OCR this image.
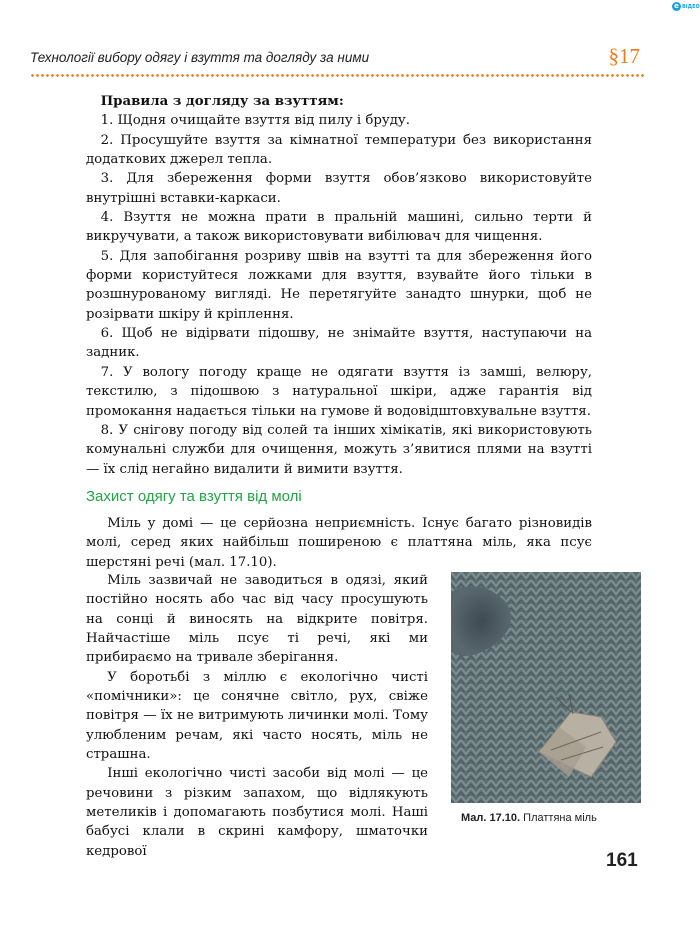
e ВІДЕО
Технології вибору одягу і взуття та догляду за ними	§17

Правила з догляду за взуттям:

1. Щодня очищайте взуття від пилу і бруду.

2. Просушуйте взуття за кімнатної температури без використання додаткових джерел тепла.

3. Для збереження форми взуття обов’язково використовуйте внутрішні вставки-каркаси.

4. Взуття не можна прати в пральній машині, сильно терти й викручувати, а також використовувати вибілювач для чищення.

5. Для запобігання розриву швів на взутті та для збереження його форми користуйтеся ложками для взуття, взувайте його тільки в розшнурованому вигляді. Не перетягуйте занадто шнурки, щоб не розірвати шкіру й кріплення.

6. Щоб не відірвати підошву, не знімайте взуття, наступаючи на задник.

7. У вологу погоду краще не одягати взуття із замші, велюру, текстилю, з підошвою з натуральної шкіри, адже гарантія від промокання надається тільки на гумове й водовідштовхувальне взуття.

8. У снігову погоду від солей та інших хімікатів, які використовують комунальні служби для очищення, можуть з’явитися плями на взутті — їх слід негайно видалити й вимити взуття.

Захист одягу та взуття від молі

Міль у домі — це серйозна неприємність. Існує багато різновидів молі, серед яких найбільш поширеною є платтяна міль, яка псує шерстяні речі (мал. 17.10).

Міль зазвичай не заводиться в одязі, який постійно носять або час від часу просушують на сонці й виносять на відкрите повітря. Найчастіше міль псує ті речі, які ми прибираємо на тривале зберігання.

У боротьбі з міллю є екологічно чисті «помічники»: це сонячне світло, рух, свіже повітря — їх не витримують личинки молі. Тому улюбленим речам, які часто носять, міль не страшна.

Інші екологічно чисті засоби від молі — це речовини з різким запахом, що відлякують метеликів і допомагають позбутися молі. Наші бабусі клали в скрині камфору, шматочки кедрової

Мал. 17.10. Платтяна міль
161
